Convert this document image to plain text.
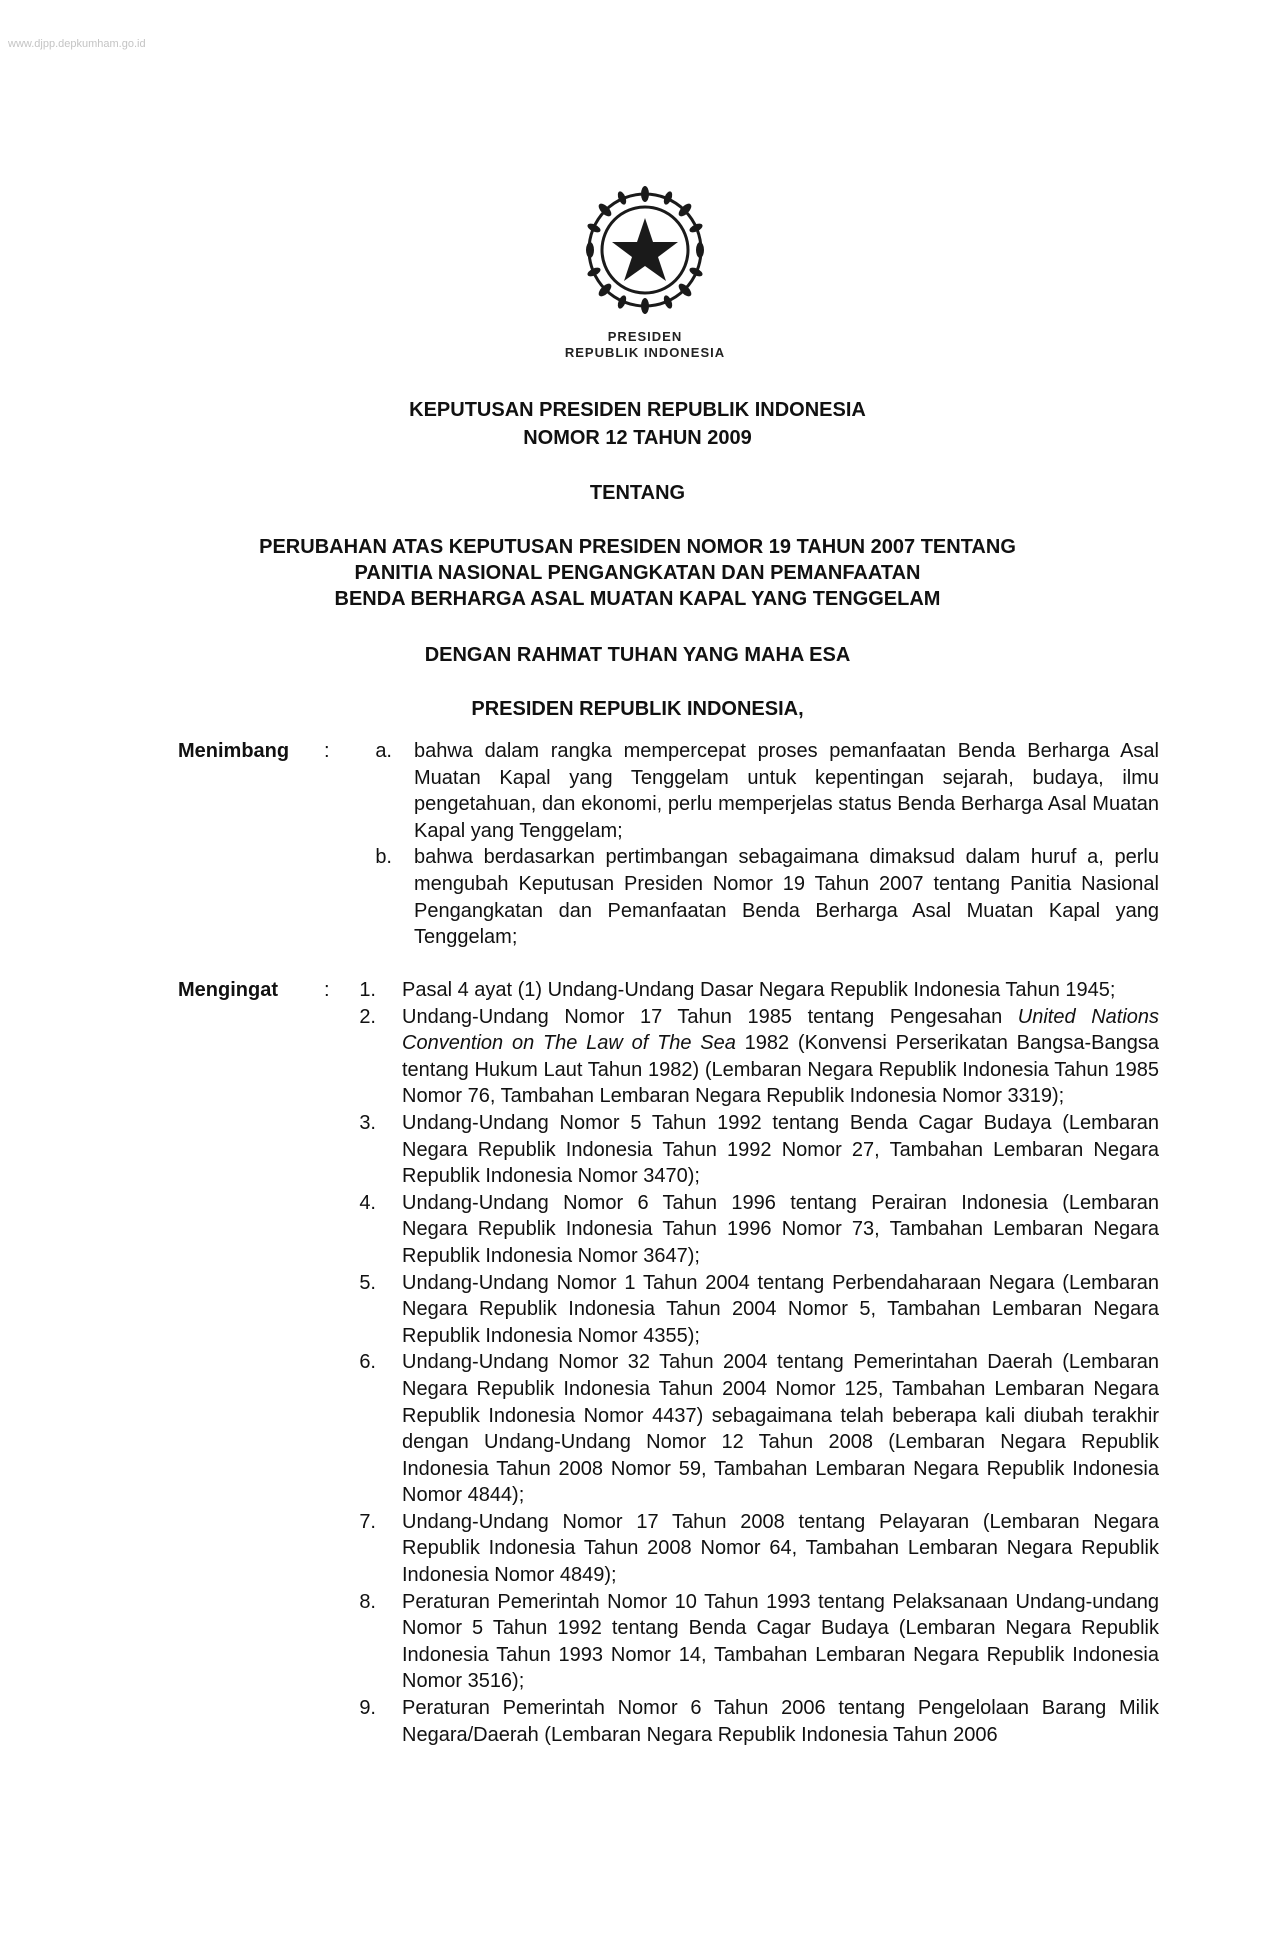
www.djpp.depkumham.go.id
PRESIDEN
REPUBLIK INDONESIA
KEPUTUSAN PRESIDEN REPUBLIK INDONESIA
NOMOR 12 TAHUN 2009
TENTANG
PERUBAHAN ATAS KEPUTUSAN PRESIDEN NOMOR 19 TAHUN 2007 TENTANG
PANITIA NASIONAL PENGANGKATAN DAN PEMANFAATAN
BENDA BERHARGA ASAL MUATAN KAPAL YANG TENGGELAM
DENGAN RAHMAT TUHAN YANG MAHA ESA
PRESIDEN REPUBLIK INDONESIA,
Menimbang :	a. bahwa dalam rangka mempercepat proses pemanfaatan Benda Berharga Asal Muatan Kapal yang Tenggelam untuk kepentingan sejarah, budaya, ilmu pengetahuan, dan ekonomi, perlu memperjelas status Benda Berharga Asal Muatan Kapal yang Tenggelam;
b. bahwa berdasarkan pertimbangan sebagaimana dimaksud dalam huruf a, perlu mengubah Keputusan Presiden Nomor 19 Tahun 2007 tentang Panitia Nasional Pengangkatan dan Pemanfaatan Benda Berharga Asal Muatan Kapal yang Tenggelam;
Mengingat :	1. Pasal 4 ayat (1) Undang-Undang Dasar Negara Republik Indonesia Tahun 1945;
2. Undang-Undang Nomor 17 Tahun 1985 tentang Pengesahan United Nations Convention on The Law of The Sea 1982 (Konvensi Perserikatan Bangsa-Bangsa tentang Hukum Laut Tahun 1982) (Lembaran Negara Republik Indonesia Tahun 1985 Nomor 76, Tambahan Lembaran Negara Republik Indonesia Nomor 3319);
3. Undang-Undang Nomor 5 Tahun 1992 tentang Benda Cagar Budaya (Lembaran Negara Republik Indonesia Tahun 1992 Nomor 27, Tambahan Lembaran Negara Republik Indonesia Nomor 3470);
4. Undang-Undang Nomor 6 Tahun 1996 tentang Perairan Indonesia (Lembaran Negara Republik Indonesia Tahun 1996 Nomor 73, Tambahan Lembaran Negara Republik Indonesia Nomor 3647);
5. Undang-Undang Nomor 1 Tahun 2004 tentang Perbendaharaan Negara (Lembaran Negara Republik Indonesia Tahun 2004 Nomor 5, Tambahan Lembaran Negara Republik Indonesia Nomor 4355);
6. Undang-Undang Nomor 32 Tahun 2004 tentang Pemerintahan Daerah (Lembaran Negara Republik Indonesia Tahun 2004 Nomor 125, Tambahan Lembaran Negara Republik Indonesia Nomor 4437) sebagaimana telah beberapa kali diubah terakhir dengan Undang-Undang Nomor 12 Tahun 2008 (Lembaran Negara Republik Indonesia Tahun 2008 Nomor 59, Tambahan Lembaran Negara Republik Indonesia Nomor 4844);
7. Undang-Undang Nomor 17 Tahun 2008 tentang Pelayaran (Lembaran Negara Republik Indonesia Tahun 2008 Nomor 64, Tambahan Lembaran Negara Republik Indonesia Nomor 4849);
8. Peraturan Pemerintah Nomor 10 Tahun 1993 tentang Pelaksanaan Undang-undang Nomor 5 Tahun 1992 tentang Benda Cagar Budaya (Lembaran Negara Republik Indonesia Tahun 1993 Nomor 14, Tambahan Lembaran Negara Republik Indonesia Nomor 3516);
9. Peraturan Pemerintah Nomor 6 Tahun 2006 tentang Pengelolaan Barang Milik Negara/Daerah (Lembaran Negara Republik Indonesia Tahun 2006
